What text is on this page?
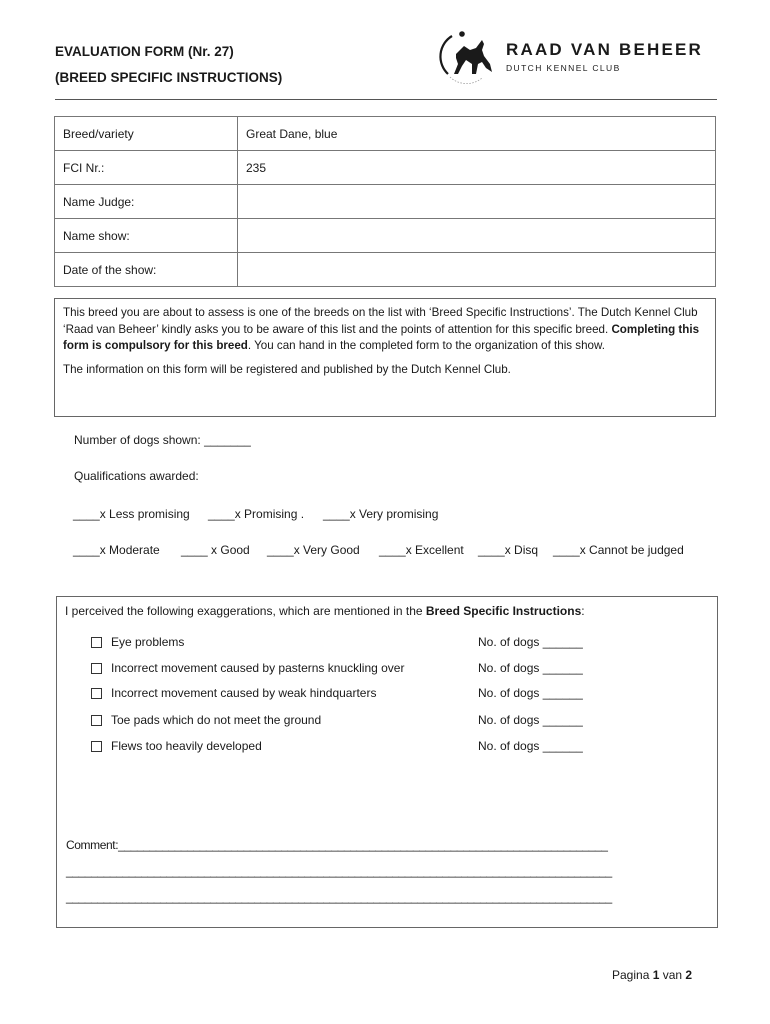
EVALUATION FORM (Nr. 27)
(BREED SPECIFIC INSTRUCTIONS)
RAAD VAN BEHEER
DUTCH KENNEL CLUB
Breed/variety	Great Dane, blue
FCI Nr.:	235
Name Judge:	
Name show:	
Date of the show:	

This breed you are about to assess is one of the breeds on the list with ‘Breed Specific Instructions’. The Dutch Kennel Club ‘Raad van Beheer’ kindly asks you to be aware of this list and the points of attention for this specific breed. Completing this form is compulsory for this breed. You can hand in the completed form to the organization of this show.

The information on this form will be registered and published by the Dutch Kennel Club.

Number of dogs shown: _______
Qualifications awarded:
____x Less promising ____x Promising . ____x Very promising
____x Moderate ____ x Good ____x Very Good ____x Excellent ____x Disq ____x Cannot be judged
I perceived the following exaggerations, which are mentioned in the Breed Specific Instructions:
Eye problems	No. of dogs ______
Incorrect movement caused by pasterns knuckling over	No. of dogs ______
Incorrect movement caused by weak hindquarters	No. of dogs ______
Toe pads which do not meet the ground	No. of dogs ______
Flews too heavily developed	No. of dogs ______
Comment:______________________________________________________________________________
_______________________________________________________________________________________
_______________________________________________________________________________________
Pagina 1 van 2
